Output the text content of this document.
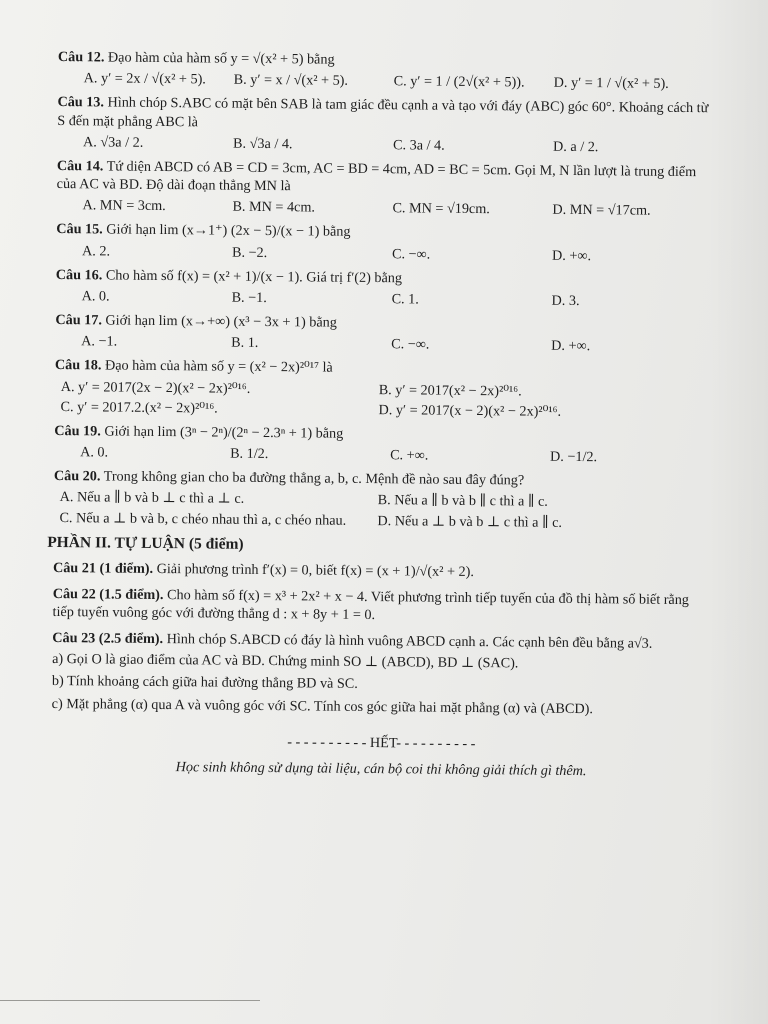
Câu 12. Đạo hàm của hàm số y = √(x² + 5) bằng
A. y′ = 2x / √(x² + 5).	B. y′ = x / √(x² + 5).	C. y′ = 1 / (2√(x² + 5)).	D. y′ = 1 / √(x² + 5).
Câu 13. Hình chóp S.ABC có mặt bên SAB là tam giác đều cạnh a và tạo với đáy (ABC) góc 60°. Khoảng cách từ S đến mặt phẳng ABC là
A. √3a / 2.	B. √3a / 4.	C. 3a / 4.	D. a / 2.
Câu 14. Tứ diện ABCD có AB = CD = 3cm, AC = BD = 4cm, AD = BC = 5cm. Gọi M, N lần lượt là trung điểm của AC và BD. Độ dài đoạn thẳng MN là
A. MN = 3cm.	B. MN = 4cm.	C. MN = √19cm.	D. MN = √17cm.
Câu 15. Giới hạn lim (x→1⁺) (2x − 5)/(x − 1) bằng
A. 2.	B. −2.	C. −∞.	D. +∞.
Câu 16. Cho hàm số f(x) = (x² + 1)/(x − 1). Giá trị f′(2) bằng
A. 0.	B. −1.	C. 1.	D. 3.
Câu 17. Giới hạn lim (x→+∞) (x³ − 3x + 1) bằng
A. −1.	B. 1.	C. −∞.	D. +∞.
Câu 18. Đạo hàm của hàm số y = (x² − 2x)²⁰¹⁷ là
A. y′ = 2017(2x − 2)(x² − 2x)²⁰¹⁶.	B. y′ = 2017(x² − 2x)²⁰¹⁶.
C. y′ = 2017.2.(x² − 2x)²⁰¹⁶.	D. y′ = 2017(x − 2)(x² − 2x)²⁰¹⁶.
Câu 19. Giới hạn lim (3ⁿ − 2ⁿ)/(2ⁿ − 2.3ⁿ + 1) bằng
A. 0.	B. 1/2.	C. +∞.	D. −1/2.
Câu 20. Trong không gian cho ba đường thẳng a, b, c. Mệnh đề nào sau đây đúng?
A. Nếu a ∥ b và b ⊥ c thì a ⊥ c.	B. Nếu a ∥ b và b ∥ c thì a ∥ c.
C. Nếu a ⊥ b và b, c chéo nhau thì a, c chéo nhau.	D. Nếu a ⊥ b và b ⊥ c thì a ∥ c.
PHẦN II. TỰ LUẬN (5 điểm)
Câu 21 (1 điểm). Giải phương trình f′(x) = 0, biết f(x) = (x + 1)/√(x² + 2).
Câu 22 (1.5 điểm). Cho hàm số f(x) = x³ + 2x² + x − 4. Viết phương trình tiếp tuyến của đồ thị hàm số biết rằng tiếp tuyến vuông góc với đường thẳng d : x + 8y + 1 = 0.
Câu 23 (2.5 điểm). Hình chóp S.ABCD có đáy là hình vuông ABCD cạnh a. Các cạnh bên đều bằng a√3.
a) Gọi O là giao điểm của AC và BD. Chứng minh SO ⊥ (ABCD), BD ⊥ (SAC).
b) Tính khoảng cách giữa hai đường thẳng BD và SC.
c) Mặt phẳng (α) qua A và vuông góc với SC. Tính cos góc giữa hai mặt phẳng (α) và (ABCD).
- - - - - - - - - - HẾT- - - - - - - - - -
Học sinh không sử dụng tài liệu, cán bộ coi thi không giải thích gì thêm.
